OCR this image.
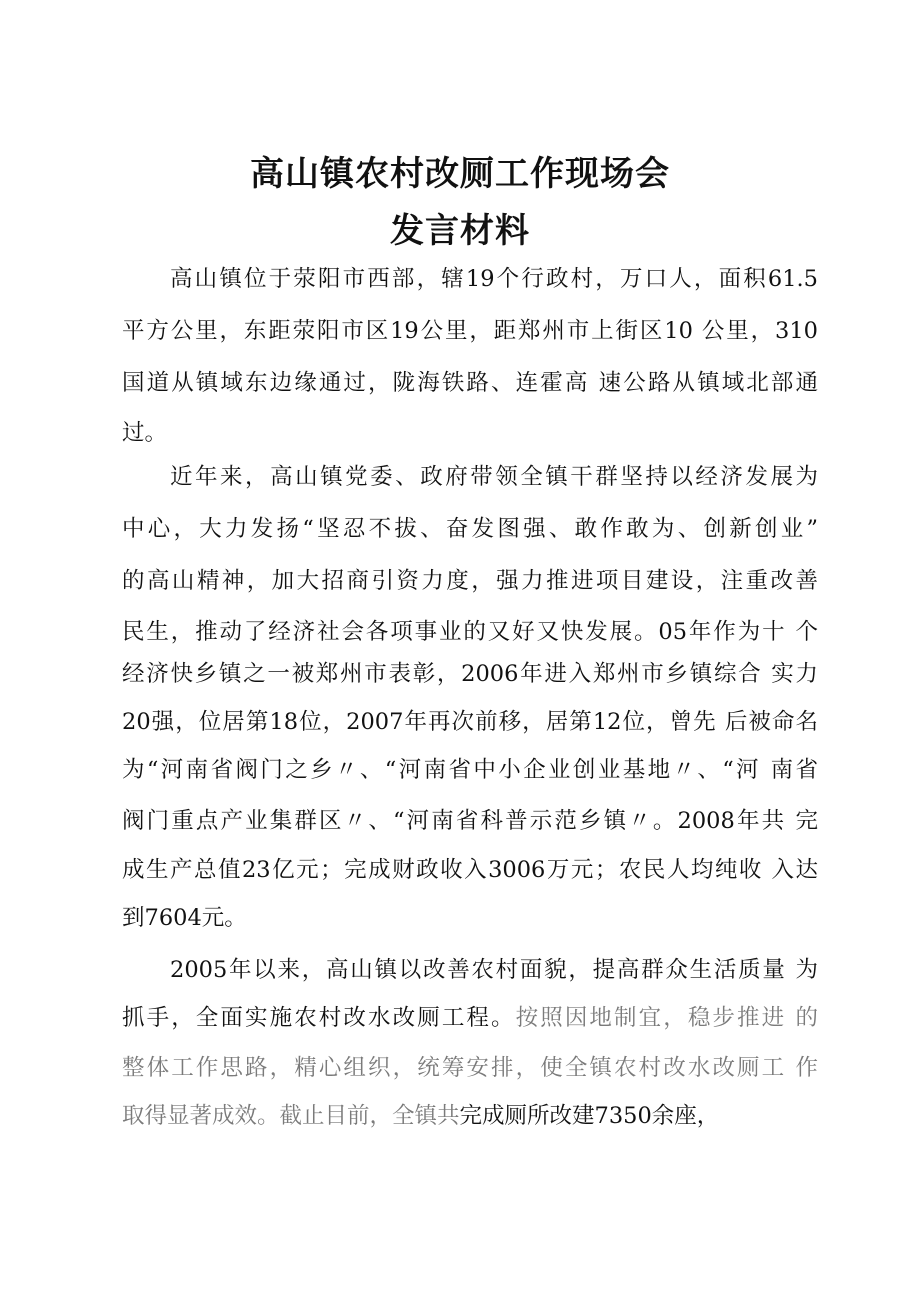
高山镇农村改厕工作现场会
发言材料
高山镇位于荥阳市西部，辖19个行政村，万口人，面积61.5
平方公里，东距荥阳市区19公里，距郑州市上街区10 公里，310
国道从镇域东边缘通过，陇海铁路、连霍高 速公路从镇域北部通
过。
近年来，高山镇党委、政府带领全镇干群坚持以经济发展为
中心，大力发扬“坚忍不拔、奋发图强、敢作敢为、创新创业”
的高山精神，加大招商引资力度，强力推进项目建设，注重改善
民生，推动了经济社会各项事业的又好又快发展。05年作为十 个
经济快乡镇之一被郑州市表彰，2006年进入郑州市乡镇综合 实力
20强，位居第18位，2007年再次前移，居第12位，曾先 后被命名
为“河南省阀门之乡〃、“河南省中小企业创业基地〃、“河 南省
阀门重点产业集群区〃、“河南省科普示范乡镇〃。2008年共 完
成生产总值23亿元；完成财政收入3006万元；农民人均纯收 入达
到7604元。
2005年以来，高山镇以改善农村面貌，提高群众生活质量 为
抓手，全面实施农村改水改厕工程。按照因地制宜，稳步推进 的
整体工作思路，精心组织，统筹安排，使全镇农村改水改厕工 作
取得显著成效。截止目前，全镇共完成厕所改建7350余座，
